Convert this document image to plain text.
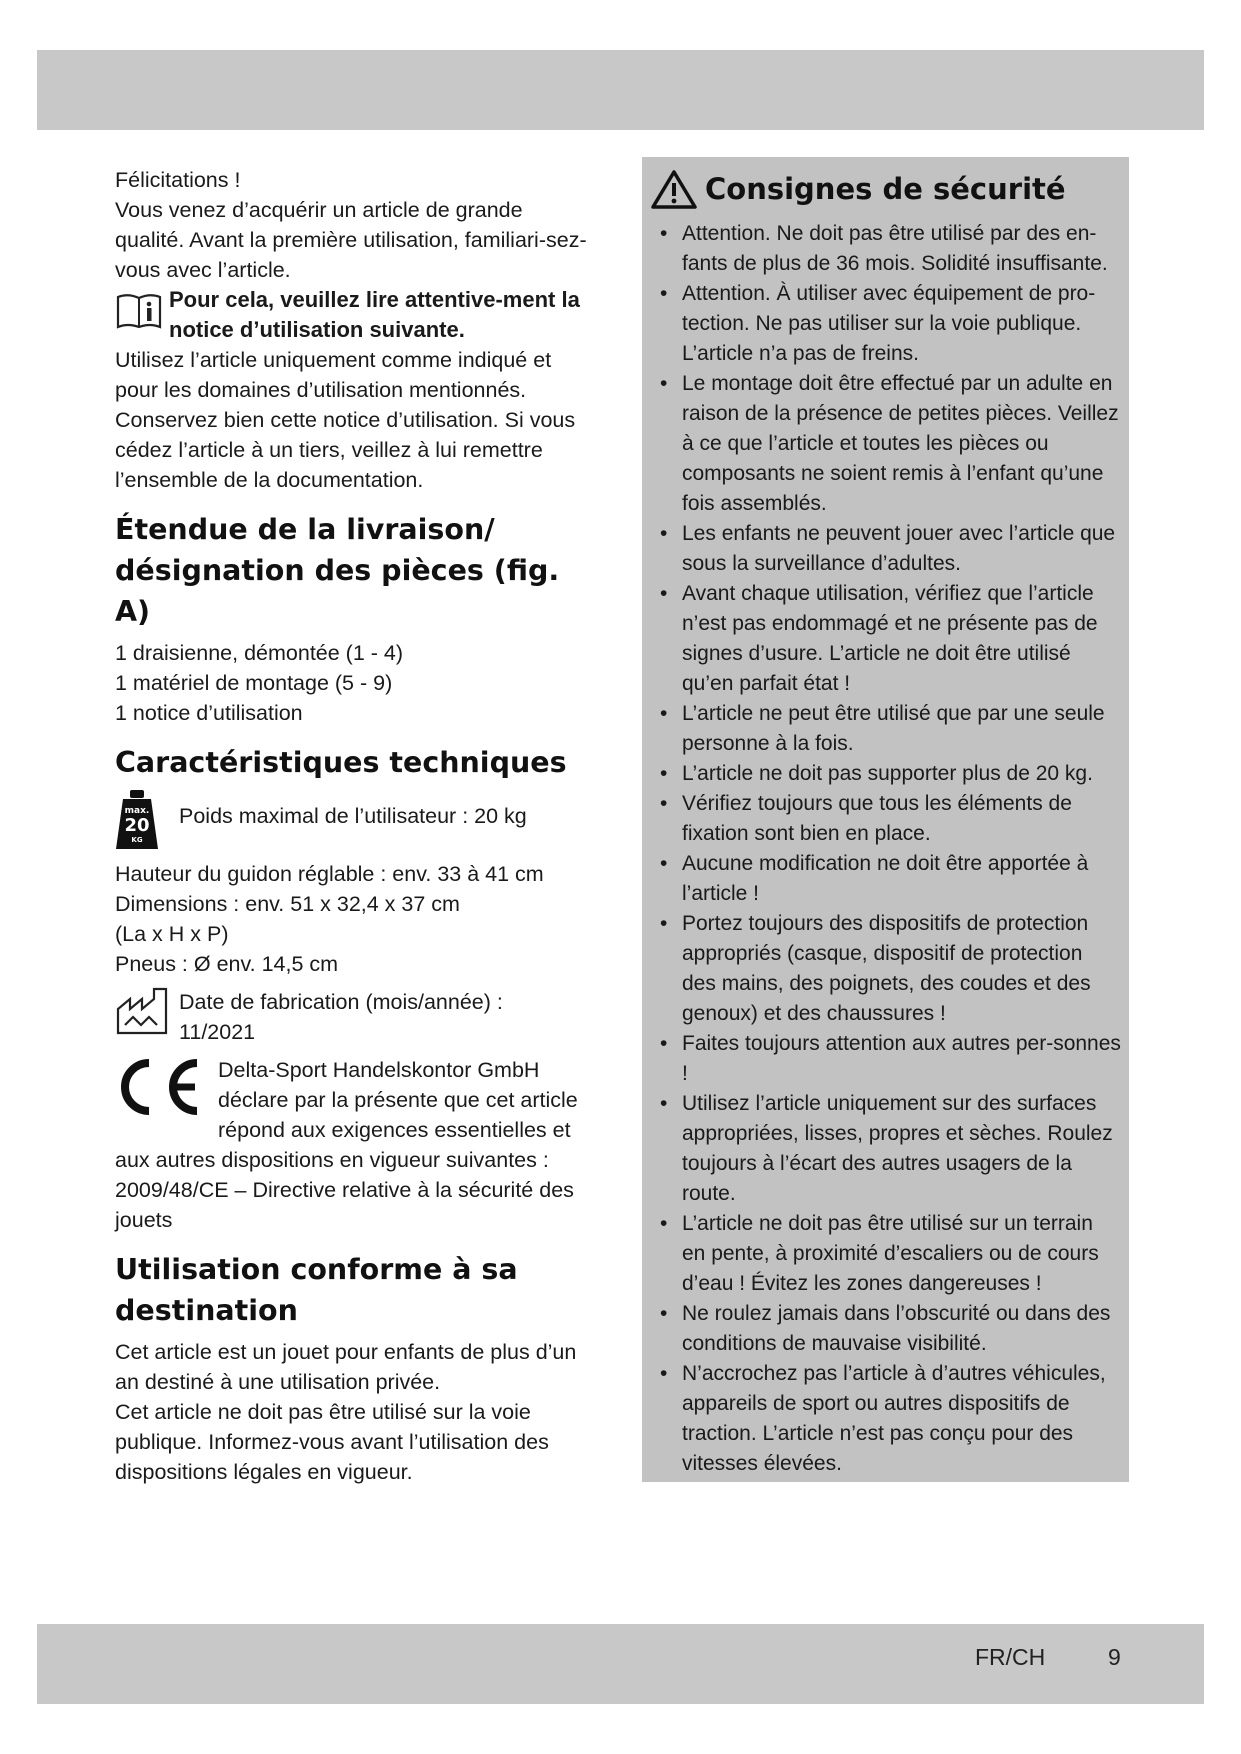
Félicitations !

Vous venez d’acquérir un article de grande qualité. Avant la première utilisation, familiari-sez-vous avec l’article.

Pour cela, veuillez lire attentive-ment la notice d’utilisation suivante.

Utilisez l’article uniquement comme indiqué et pour les domaines d’utilisation mentionnés. Conservez bien cette notice d’utilisation. Si vous cédez l’article à un tiers, veillez à lui remettre l’ensemble de la documentation.

Étendue de la livraison/
désignation des pièces (fig. A)

1 draisienne, démontée (1 - 4)

1 matériel de montage (5 - 9)

1 notice d’utilisation

Caractéristiques techniques
max.
20
KG
Poids maximal de l’utilisateur : 20 kg

Hauteur du guidon réglable : env. 33 à 41 cm

Dimensions : env. 51 x 32,4 x 37 cm

(La x H x P)

Pneus : Ø env. 14,5 cm

Date de fabrication (mois/année) :
11/2021
Delta-Sport Handelskontor GmbH déclare par la présente que cet article répond aux exigences essentielles et

aux autres dispositions en vigueur suivantes :

2009/48/CE – Directive relative à la sécurité des jouets

Utilisation conforme à sa
destination

Cet article est un jouet pour enfants de plus d’un an destiné à une utilisation privée.

Cet article ne doit pas être utilisé sur la voie publique. Informez-vous avant l’utilisation des dispositions légales en vigueur.

Consignes de sécurité
• Attention. Ne doit pas être utilisé par des en-fants de plus de 36 mois. Solidité insuffisante.
• Attention. À utiliser avec équipement de pro-tection. Ne pas utiliser sur la voie publique. L’article n’a pas de freins.
• Le montage doit être effectué par un adulte en raison de la présence de petites pièces. Veillez à ce que l’article et toutes les pièces ou composants ne soient remis à l’enfant qu’une fois assemblés.
• Les enfants ne peuvent jouer avec l’article que sous la surveillance d’adultes.
• Avant chaque utilisation, vérifiez que l’article n’est pas endommagé et ne présente pas de signes d’usure. L’article ne doit être utilisé qu’en parfait état !
• L’article ne peut être utilisé que par une seule personne à la fois.
• L’article ne doit pas supporter plus de 20 kg.
• Vérifiez toujours que tous les éléments de fixation sont bien en place.
• Aucune modification ne doit être apportée à l’article !
• Portez toujours des dispositifs de protection appropriés (casque, dispositif de protection des mains, des poignets, des coudes et des genoux) et des chaussures !
• Faites toujours attention aux autres per-sonnes !
• Utilisez l’article uniquement sur des surfaces appropriées, lisses, propres et sèches. Roulez toujours à l’écart des autres usagers de la route.
• L’article ne doit pas être utilisé sur un terrain en pente, à proximité d’escaliers ou de cours d’eau ! Évitez les zones dangereuses !
• Ne roulez jamais dans l’obscurité ou dans des conditions de mauvaise visibilité.
• N’accrochez pas l’article à d’autres véhicules, appareils de sport ou autres dispositifs de traction. L’article n’est pas conçu pour des vitesses élevées.
FR/CH	9
